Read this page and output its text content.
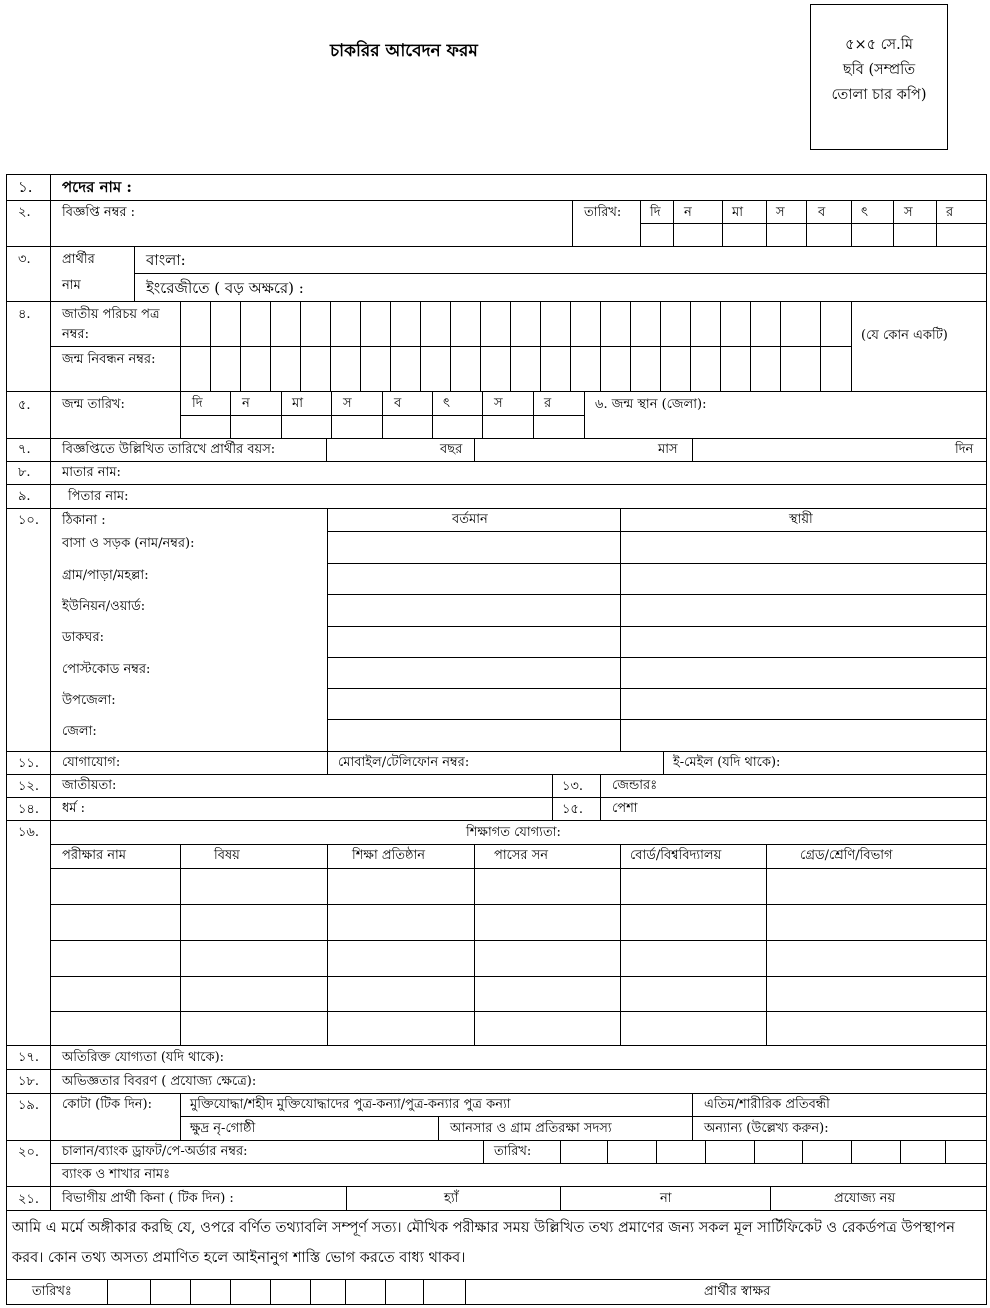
চাকরির আবেদন ফরম	৫×৫ সে.মি
ছবি (সম্প্রতি
তোলা চার কপি)
১. পদের নাম :
২. বিজ্ঞপ্তি নম্বর :	তারিখ: দি ন	মা	স	ব	ৎ	স	র
৩. প্রার্থীর
নাম
বাংলা:
ইংরেজীতে ( বড় অক্ষরে) :
৪. জাতীয় পরিচয় পত্র
নম্বর:
জন্ম নিবন্ধন নম্বর:
(যে কোন একটি)
৫. জন্ম তারিখ:	দি	ন	মা	স	ব	ৎ	স	র	৬. জন্ম স্থান (জেলা):
৭. বিজ্ঞপ্তিতে উল্লিখিত তারিখে প্রার্থীর বয়স:	বছর	মাস	দিন
৮. মাতার নাম:
৯.	পিতার নাম:
১০. ঠিকানা :	বর্তমান	স্থায়ী
বাসা ও সড়ক (নাম/নম্বর):
গ্রাম/পাড়া/মহল্লা:
ইউনিয়ন/ওয়ার্ড:
ডাকঘর:
পোস্টকোড নম্বর:
উপজেলা:
জেলা:
১১. যোগাযোগ:	মোবাইল/টেলিফোন নম্বর:	ই-মেইল (যদি থাকে):
১২. জাতীয়তা:	১৩. জেন্ডারঃ
১৪. ধর্ম :	১৫. পেশা
১৬.	শিক্ষাগত যোগ্যতা:
পরীক্ষার নাম	বিষয়	শিক্ষা প্রতিষ্ঠান	পাসের সন	বোর্ড/বিশ্ববিদ্যালয়	গ্রেড/শ্রেণি/বিভাগ
১৭. অতিরিক্ত যোগ্যতা (যদি থাকে):
১৮. অভিজ্ঞতার বিবরণ ( প্রযোজ্য ক্ষেত্রে):
১৯. কোটা (টিক দিন):	মুক্তিযোদ্ধা/শহীদ মুক্তিযোদ্ধাদের পুত্র-কন্যা/পুত্র-কন্যার পুত্র কন্যা	এতিম/শারীরিক প্রতিবন্ধী
ক্ষুদ্র নৃ-গোষ্ঠী	আনসার ও গ্রাম প্রতিরক্ষা সদস্য	অন্যান্য (উল্লেখ্য করুন):
২০. চালান/ব্যাংক ড্রাফট/পে-অর্ডার নম্বর:	তারিখ:
ব্যাংক ও শাখার নামঃ
২১. বিভাগীয় প্রার্থী কিনা ( টিক দিন) :	হ্যাঁ	না	প্রযোজ্য নয়
আমি এ মর্মে অঙ্গীকার করছি যে, ওপরে বর্ণিত তথ্যাবলি সম্পূর্ণ সত্য। মৌখিক পরীক্ষার সময় উল্লিখিত তথ্য প্রমাণের জন্য সকল মূল সার্টিফিকেট ও রেকর্ডপত্র উপস্থাপন করব। কোন তথ্য অসত্য প্রমাণিত হলে আইনানুগ শাস্তি ভোগ করতে বাধ্য থাকব।
তারিখঃ	প্রার্থীর স্বাক্ষর
